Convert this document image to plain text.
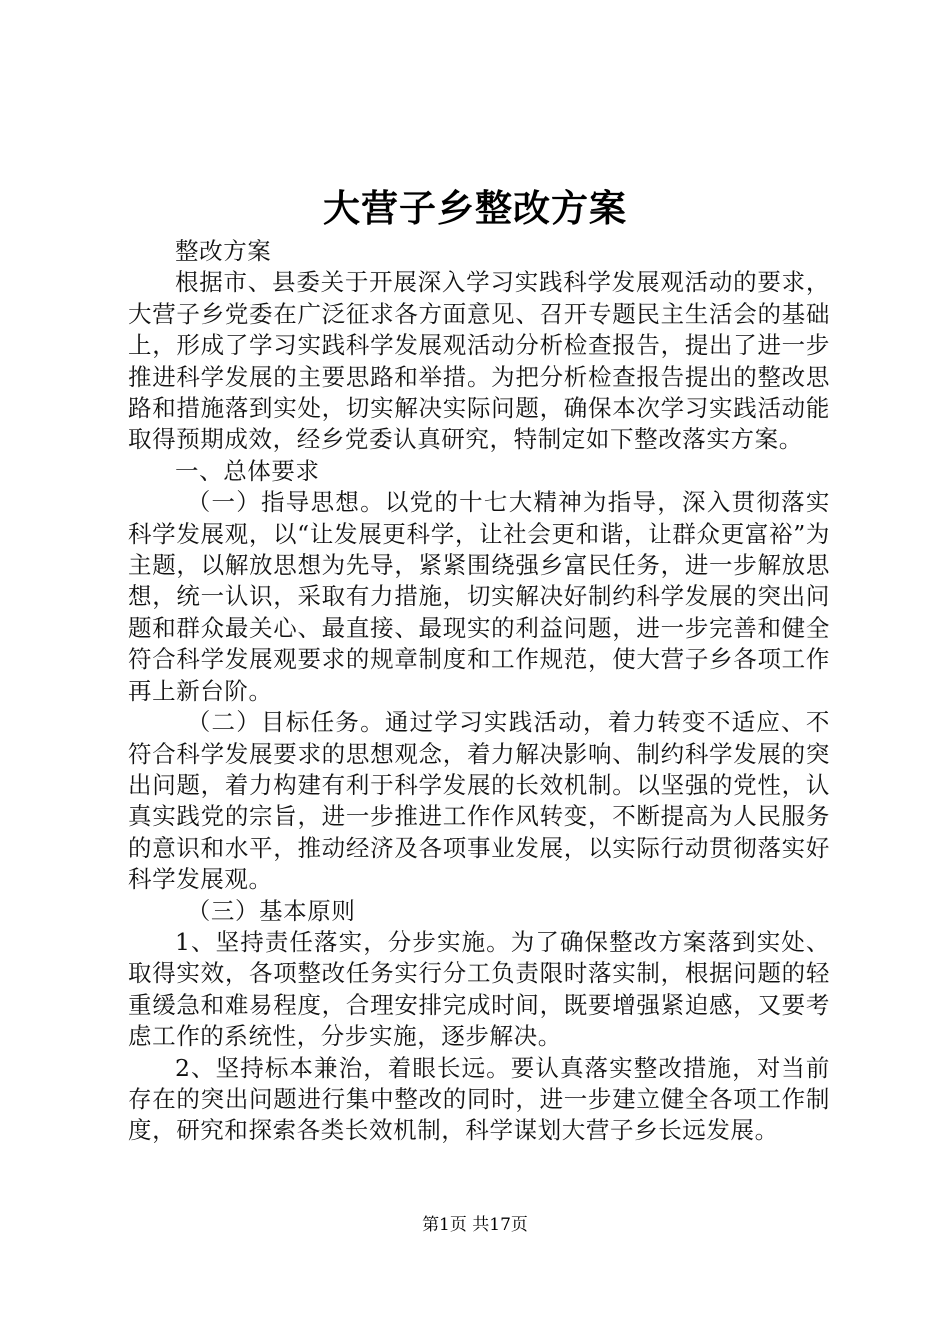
大营子乡整改方案

整改方案

根据市、县委关于开展深入学习实践科学发展观活动的要求，大营子乡党委在广泛征求各方面意见、召开专题民主生活会的基础上，形成了学习实践科学发展观活动分析检查报告，提出了进一步推进科学发展的主要思路和举措。为把分析检查报告提出的整改思路和措施落到实处，切实解决实际问题，确保本次学习实践活动能取得预期成效，经乡党委认真研究，特制定如下整改落实方案。

一、总体要求

（一）指导思想。以党的十七大精神为指导，深入贯彻落实科学发展观，以“让发展更科学，让社会更和谐，让群众更富裕”为主题，以解放思想为先导，紧紧围绕强乡富民任务，进一步解放思想，统一认识，采取有力措施，切实解决好制约科学发展的突出问题和群众最关心、最直接、最现实的利益问题，进一步完善和健全符合科学发展观要求的规章制度和工作规范，使大营子乡各项工作再上新台阶。

（二）目标任务。通过学习实践活动，着力转变不适应、不符合科学发展要求的思想观念，着力解决影响、制约科学发展的突出问题，着力构建有利于科学发展的长效机制。以坚强的党性，认真实践党的宗旨，进一步推进工作作风转变，不断提高为人民服务的意识和水平，推动经济及各项事业发展，以实际行动贯彻落实好科学发展观。

（三）基本原则

1、坚持责任落实，分步实施。为了确保整改方案落到实处、取得实效，各项整改任务实行分工负责限时落实制，根据问题的轻重缓急和难易程度，合理安排完成时间，既要增强紧迫感，又要考虑工作的系统性，分步实施，逐步解决。

2、坚持标本兼治，着眼长远。要认真落实整改措施，对当前存在的突出问题进行集中整改的同时，进一步建立健全各项工作制度，研究和探索各类长效机制，科学谋划大营子乡长远发展。

第1页 共17页
